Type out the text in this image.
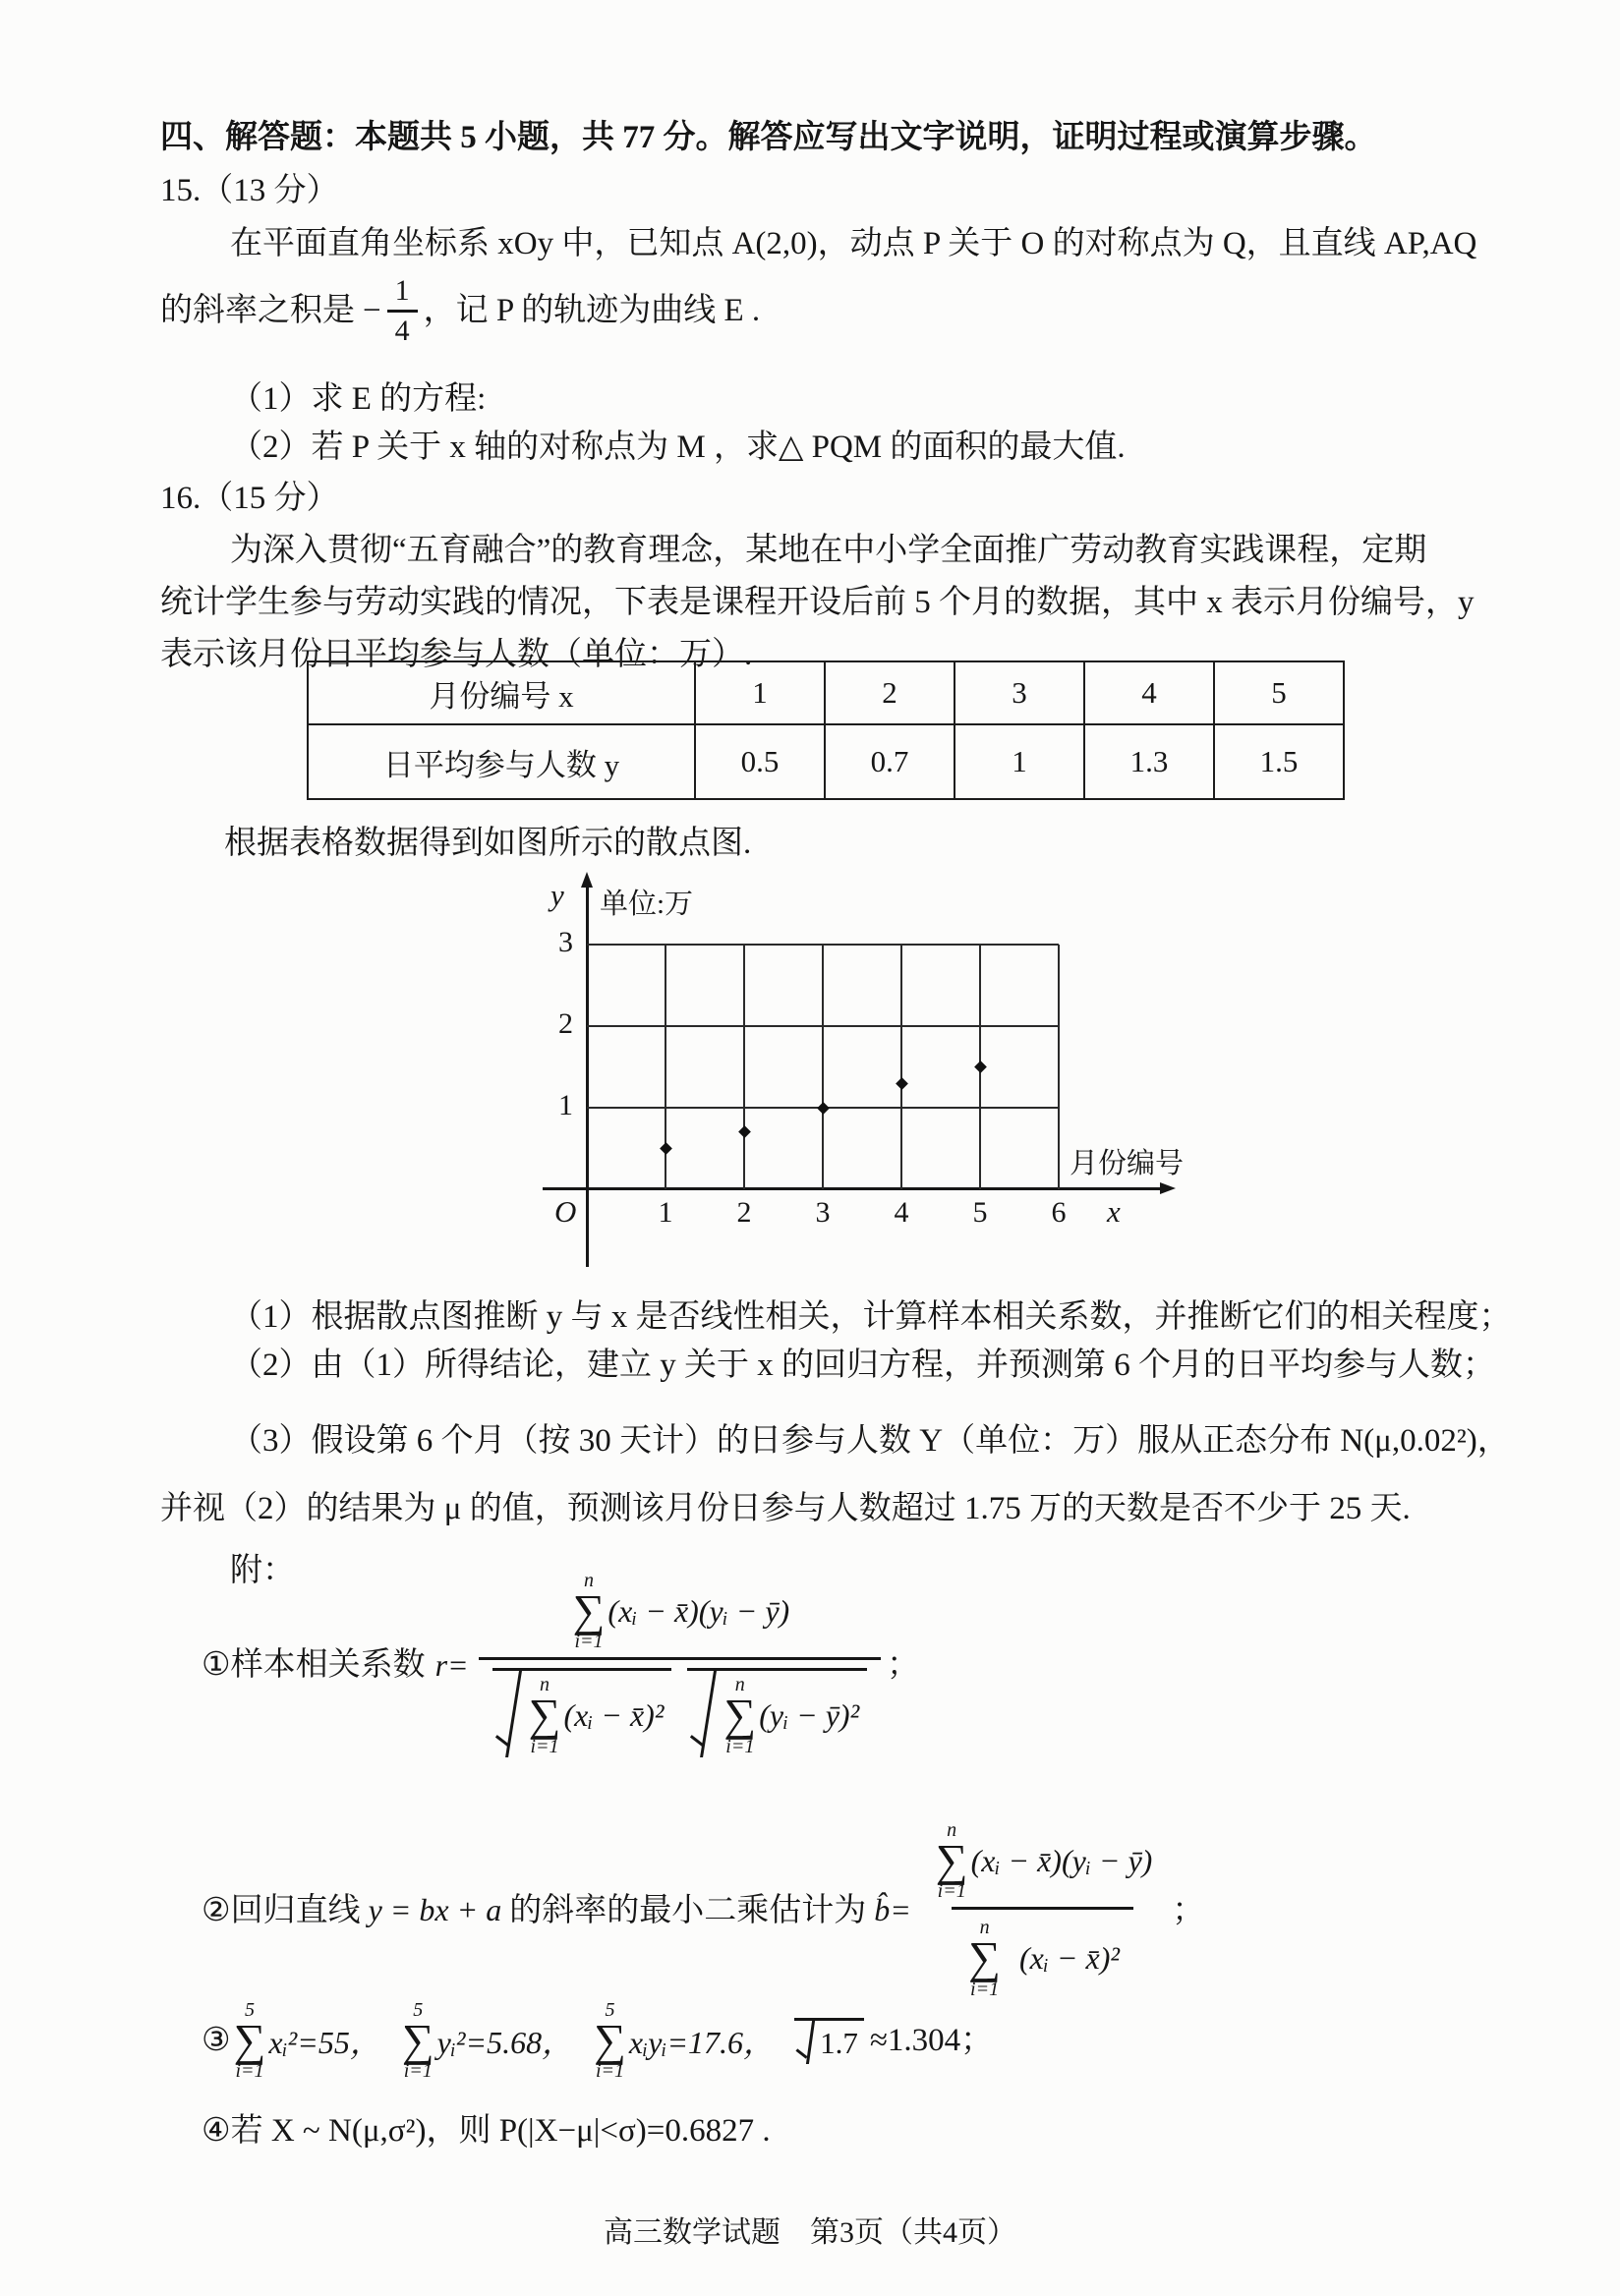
四、解答题：本题共 5 小题，共 77 分。解答应写出文字说明，证明过程或演算步骤。
15.（13 分）
在平面直角坐标系 xOy 中，已知点 A(2,0)，动点 P 关于 O 的对称点为 Q，且直线 AP,AQ
的斜率之积是 − $\frac{1}{4}$ ，记 P 的轨迹为曲线 E .
（1）求 E 的方程:
（2）若 P 关于 x 轴的对称点为 M ，求△ PQM 的面积的最大值.
16.（15 分）
为深入贯彻“五育融合”的教育理念，某地在中小学全面推广劳动教育实践课程，定期
统计学生参与劳动实践的情况，下表是课程开设后前 5 个月的数据，其中 x 表示月份编号，y
表示该月份日平均参与人数（单位：万）.
月份编号 x	1	2	3	4	5
日平均参与人数 y	0.5	0.7	1	1.3	1.5
根据表格数据得到如图所示的散点图.
y 单位:万
O	x
月份编号
1
2
3
1	2	3	4	5	6
（1）根据散点图推断 y 与 x 是否线性相关，计算样本相关系数，并推断它们的相关程度；
（2）由（1）所得结论，建立 y 关于 x 的回归方程，并预测第 6 个月的日平均参与人数；
（3）假设第 6 个月（按 30 天计）的日参与人数 Y（单位：万）服从正态分布 N(μ,0.02²)，
并视（2）的结果为 μ 的值，预测该月份日参与人数超过 1.75 万的天数是否不少于 25 天.
附：
①样本相关系数 r=
n
∑
i=1
(xᵢ − x̄)(yᵢ − ȳ)
n
∑
i=1
(xᵢ − x̄)²
n
∑
i=1
(yᵢ − ȳ)²
；
②回归直线 y = bx + a 的斜率的最小二乘估计为 b̂=
n
∑
i=1
(xᵢ − x̄)(yᵢ − ȳ)
n
∑
i=1
(xᵢ − x̄)²
；
③
5
∑
i=1
xᵢ²=55，
5
∑
i=1
yᵢ²=5.68，
5
∑
i=1
xᵢyᵢ=17.6， 1.7 ≈1.304；
④若 X ~ N(μ,σ²)，则 P(|X−μ|<σ)=0.6827 .
高三数学试题　第3页（共4页）
